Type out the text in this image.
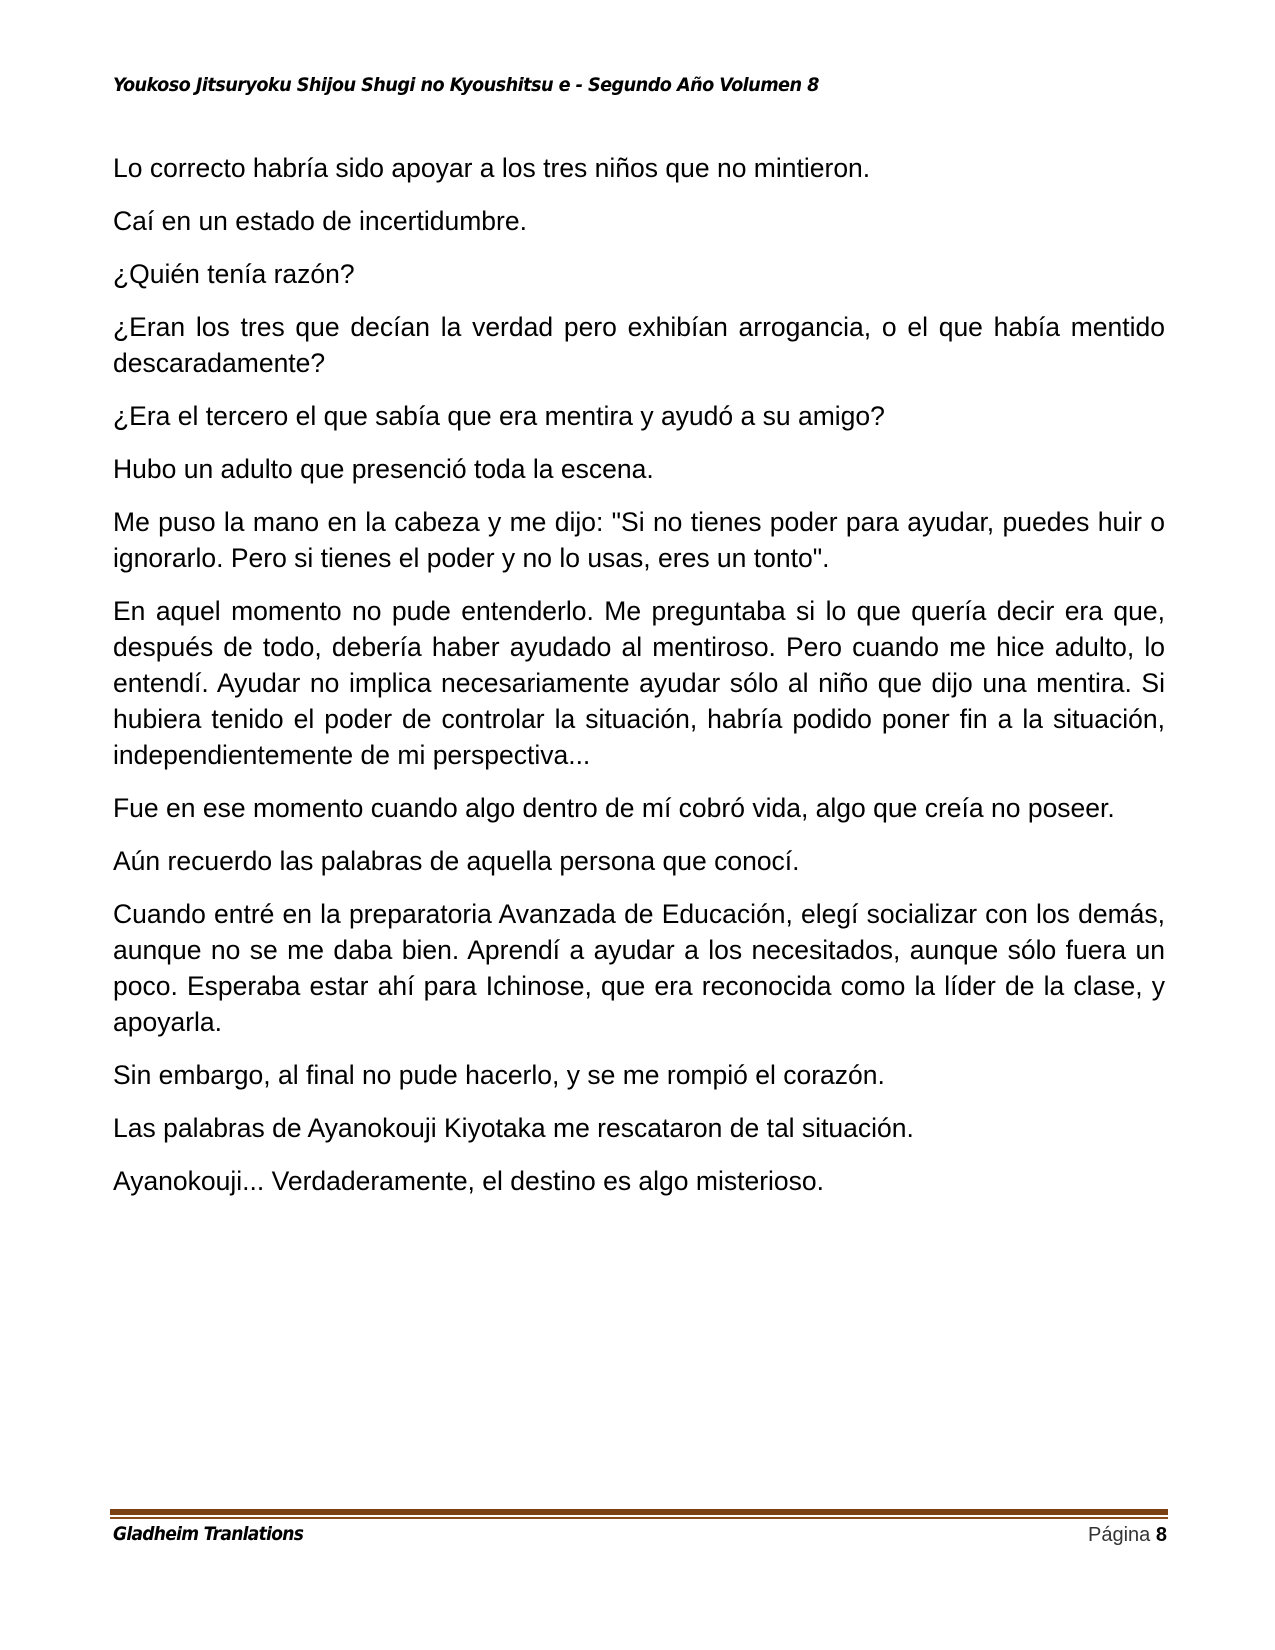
Youkoso Jitsuryoku Shijou Shugi no Kyoushitsu e - Segundo Año Volumen 8

Lo correcto habría sido apoyar a los tres niños que no mintieron.

Caí en un estado de incertidumbre.

¿Quién tenía razón?

¿Eran los tres que decían la verdad pero exhibían arrogancia, o el que había mentido descaradamente?

¿Era el tercero el que sabía que era mentira y ayudó a su amigo?

Hubo un adulto que presenció toda la escena.

Me puso la mano en la cabeza y me dijo: "Si no tienes poder para ayudar, puedes huir o ignorarlo. Pero si tienes el poder y no lo usas, eres un tonto".

En aquel momento no pude entenderlo. Me preguntaba si lo que quería decir era que, después de todo, debería haber ayudado al mentiroso. Pero cuando me hice adulto, lo entendí. Ayudar no implica necesariamente ayudar sólo al niño que dijo una mentira. Si hubiera tenido el poder de controlar la situación, habría podido poner fin a la situación, independientemente de mi perspectiva...

Fue en ese momento cuando algo dentro de mí cobró vida, algo que creía no poseer.

Aún recuerdo las palabras de aquella persona que conocí.

Cuando entré en la preparatoria Avanzada de Educación, elegí socializar con los demás, aunque no se me daba bien. Aprendí a ayudar a los necesitados, aunque sólo fuera un poco. Esperaba estar ahí para Ichinose, que era reconocida como la líder de la clase, y apoyarla.

Sin embargo, al final no pude hacerlo, y se me rompió el corazón.

Las palabras de Ayanokouji Kiyotaka me rescataron de tal situación.

Ayanokouji... Verdaderamente, el destino es algo misterioso.

Gladheim Tranlations	Página 8
